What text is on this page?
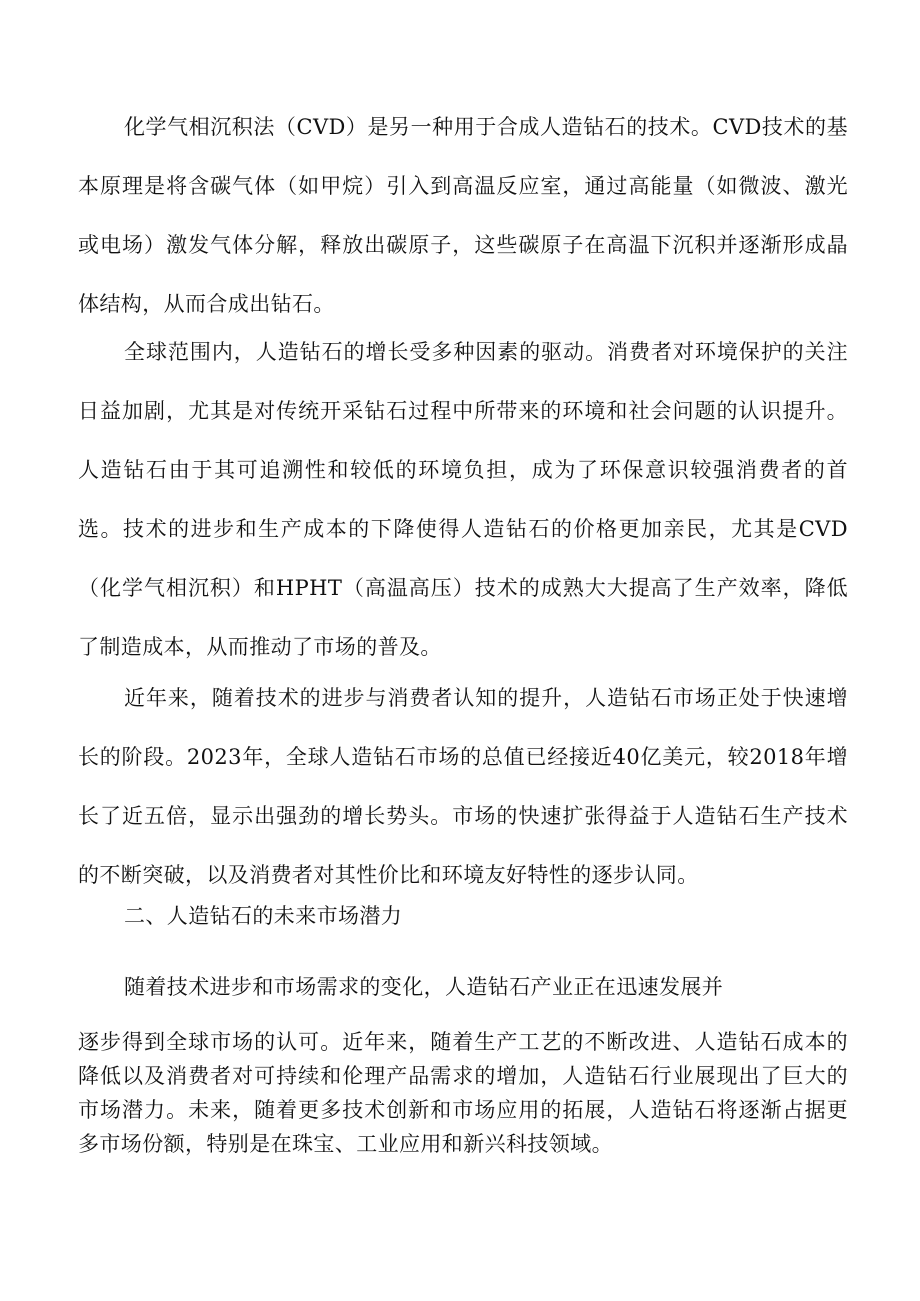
化学气相沉积法（CVD）是另一种用于合成人造钻石的技术。CVD技术的基本原理是将含碳气体（如甲烷）引入到高温反应室，通过高能量（如微波、激光或电场）激发气体分解，释放出碳原子，这些碳原子在高温下沉积并逐渐形成晶体结构，从而合成出钻石。

全球范围内，人造钻石的增长受多种因素的驱动。消费者对环境保护的关注日益加剧，尤其是对传统开采钻石过程中所带来的环境和社会问题的认识提升。人造钻石由于其可追溯性和较低的环境负担，成为了环保意识较强消费者的首选。技术的进步和生产成本的下降使得人造钻石的价格更加亲民，尤其是CVD（化学气相沉积）和HPHT（高温高压）技术的成熟大大提高了生产效率，降低了制造成本，从而推动了市场的普及。

近年来，随着技术的进步与消费者认知的提升，人造钻石市场正处于快速增长的阶段。2023年，全球人造钻石市场的总值已经接近40亿美元，较2018年增长了近五倍，显示出强劲的增长势头。市场的快速扩张得益于人造钻石生产技术的不断突破，以及消费者对其性价比和环境友好特性的逐步认同。

二、人造钻石的未来市场潜力

随着技术进步和市场需求的变化，人造钻石产业正在迅速发展并

逐步得到全球市场的认可。近年来，随着生产工艺的不断改进、人造钻石成本的降低以及消费者对可持续和伦理产品需求的增加，人造钻石行业展现出了巨大的市场潜力。未来，随着更多技术创新和市场应用的拓展，人造钻石将逐渐占据更多市场份额，特别是在珠宝、工业应用和新兴科技领域。
